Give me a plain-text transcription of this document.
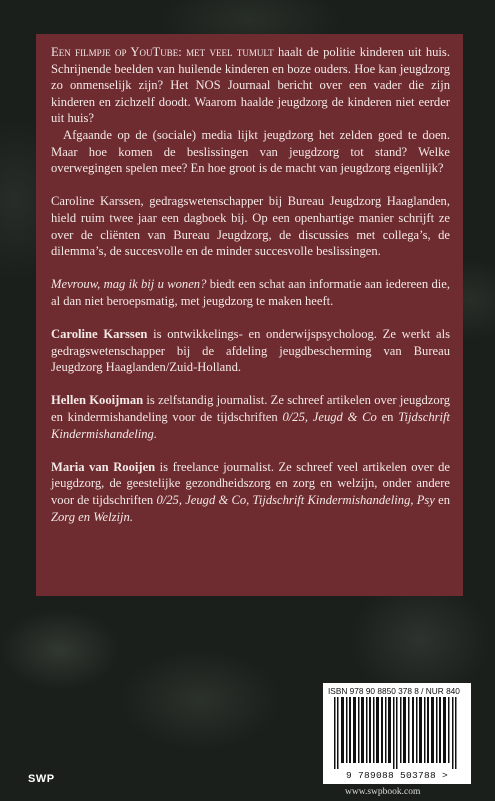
Een filmpje op YouTube: met veel tumult haalt de politie kinderen uit huis. Schrijnende beelden van huilende kinderen en boze ouders. Hoe kan jeugdzorg zo onmenselijk zijn? Het NOS Journaal bericht over een vader die zijn kinderen en zichzelf doodt. Waarom haalde jeugdzorg de kinderen niet eerder uit huis?

Afgaande op de (sociale) media lijkt jeugdzorg het zelden goed te doen. Maar hoe komen de beslissingen van jeugdzorg tot stand? Welke overwegingen spelen mee? En hoe groot is de macht van jeugdzorg eigenlijk?

Caroline Karssen, gedragswetenschapper bij Bureau Jeugdzorg Haaglanden, hield ruim twee jaar een dagboek bij. Op een openhartige manier schrijft ze over de cliënten van Bureau Jeugdzorg, de discussies met collega’s, de dilemma’s, de succesvolle en de minder succesvolle beslissingen.

Mevrouw, mag ik bij u wonen? biedt een schat aan informatie aan iedereen die, al dan niet beroepsmatig, met jeugdzorg te maken heeft.

Caroline Karssen is ontwikkelings- en onderwijspsycholoog. Ze werkt als gedragswetenschapper bij de afdeling jeugdbescherming van Bureau Jeugdzorg Haaglanden/Zuid-Holland.

Hellen Kooijman is zelfstandig journalist. Ze schreef artikelen over jeugdzorg en kindermishandeling voor de tijdschriften 0/25, Jeugd & Co en Tijdschrift Kindermishandeling.

Maria van Rooijen is freelance journalist. Ze schreef veel artikelen over de jeugdzorg, de geestelijke gezondheidszorg en zorg en welzijn, onder andere voor de tijdschriften 0/25, Jeugd & Co, Tijdschrift Kindermishandeling, Psy en Zorg en Welzijn.

ISBN 978 90 8850 378 8 / NUR 840
9 789088 503788 >
SWP
www.swpbook.com
